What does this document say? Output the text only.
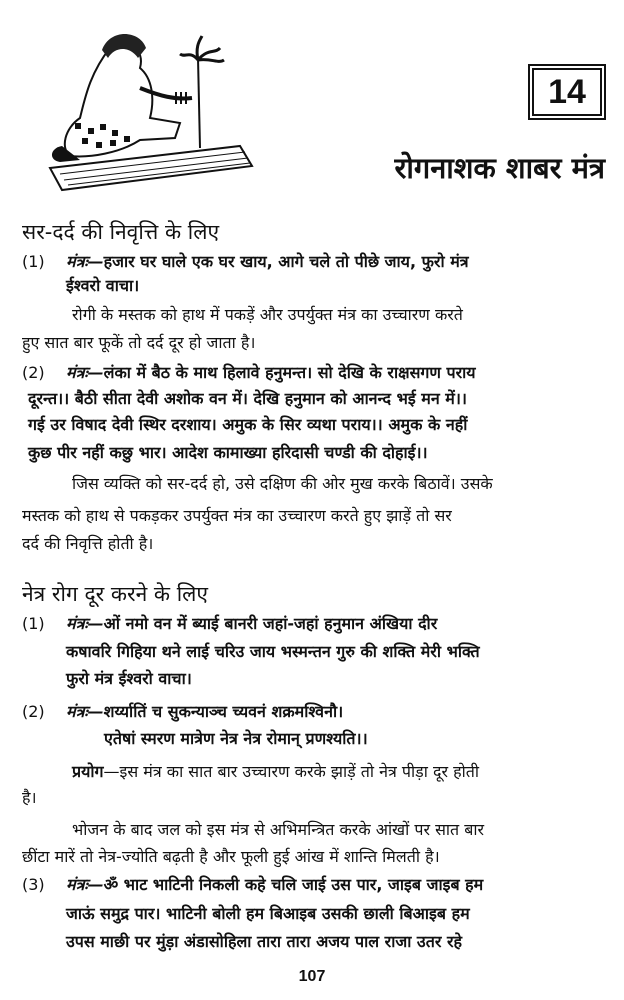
14
रोगनाशक शाबर मंत्र
सर-दर्द की निवृत्ति के लिए
(1) मंत्रः—हजार घर घाले एक घर खाय, आगे चले तो पीछे जाय, फुरो मंत्र
ईश्वरो वाचा।
रोगी के मस्तक को हाथ में पकड़ें और उपर्युक्त मंत्र का उच्चारण करते
हुए सात बार फूकें तो दर्द दूर हो जाता है।
(2) मंत्रः—लंका में बैठ के माथ हिलावे हनुमन्त। सो देखि के राक्षसगण पराय
दूरन्त।। बैठी सीता देवी अशोक वन में। देखि हनुमान को आनन्द भई मन में।।
गई उर विषाद देवी स्थिर दरशाय। अमुक के सिर व्यथा पराय।। अमुक के नहीं
कुछ पीर नहीं कछु भार। आदेश कामाख्या हरिदासी चण्डी की दोहाई।।
जिस व्यक्ति को सर-दर्द हो, उसे दक्षिण की ओर मुख करके बिठावें। उसके
मस्तक को हाथ से पकड़कर उपर्युक्त मंत्र का उच्चारण करते हुए झाड़ें तो सर
दर्द की निवृत्ति होती है।
नेत्र रोग दूर करने के लिए
(1) मंत्रः—ओं नमो वन में ब्याई बानरी जहां-जहां हनुमान अंखिया दीर
कषावरि गिहिया थने लाई चरिउ जाय भस्मन्तन गुरु की शक्ति मेरी भक्ति
फुरो मंत्र ईश्वरो वाचा।
(2) मंत्रः—शर्य्यातिं च सुकन्याञ्च च्यवनं शक्रमश्विनौ।
एतेषां स्मरण मात्रेण नेत्र नेत्र रोमान् प्रणश्यति।।
प्रयोग—इस मंत्र का सात बार उच्चारण करके झाड़ें तो नेत्र पीड़ा दूर होती
है।
भोजन के बाद जल को इस मंत्र से अभिमन्त्रित करके आंखों पर सात बार
छींटा मारें तो नेत्र-ज्योति बढ़ती है और फूली हुई आंख में शान्ति मिलती है।
(3) मंत्रः—ॐ भाट भाटिनी निकली कहे चलि जाई उस पार, जाइब जाइब हम
जाऊं समुद्र पार। भाटिनी बोली हम बिआइब उसकी छाली बिआइब हम
उपस माछी पर मुंड़ा अंडासोहिला तारा तारा अजय पाल राजा उतर रहे
107
